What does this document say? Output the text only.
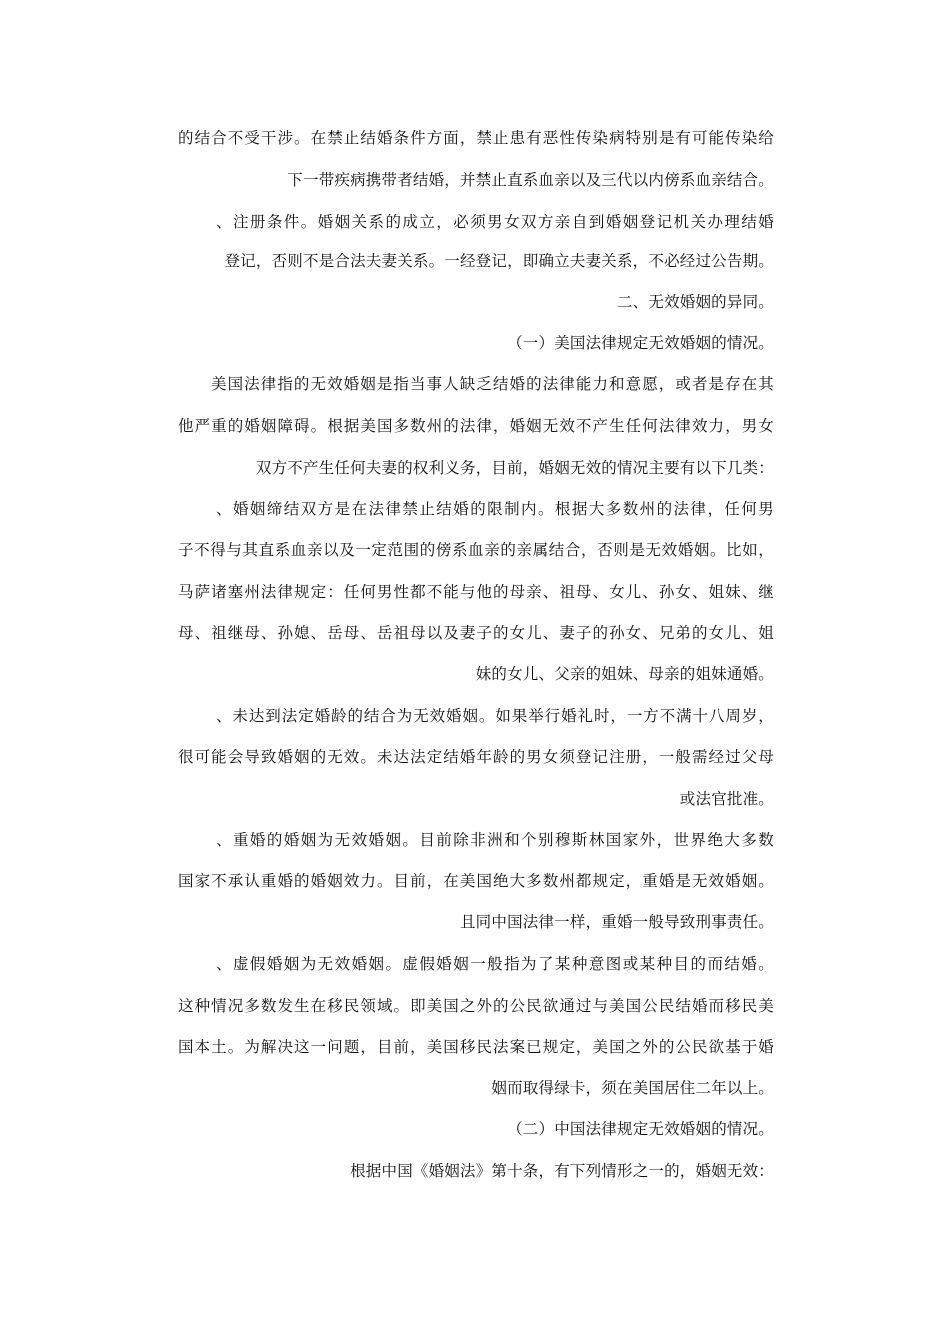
的结合不受干涉。在禁止结婚条件方面，禁止患有恶性传染病特别是有可能传染给
下一带疾病携带者结婚，并禁止直系血亲以及三代以内傍系血亲结合。
、注册条件。婚姻关系的成立，必须男女双方亲自到婚姻登记机关办理结婚
登记，否则不是合法夫妻关系。一经登记，即确立夫妻关系，不必经过公告期。
二、无效婚姻的异同。
（一）美国法律规定无效婚姻的情况。
美国法律指的无效婚姻是指当事人缺乏结婚的法律能力和意愿，或者是存在其
他严重的婚姻障碍。根据美国多数州的法律，婚姻无效不产生任何法律效力，男女
双方不产生任何夫妻的权利义务，目前，婚姻无效的情况主要有以下几类：
、婚姻缔结双方是在法律禁止结婚的限制内。根据大多数州的法律，任何男
子不得与其直系血亲以及一定范围的傍系血亲的亲属结合，否则是无效婚姻。比如，
马萨诸塞州法律规定：任何男性都不能与他的母亲、祖母、女儿、孙女、姐妹、继
母、祖继母、孙媳、岳母、岳祖母以及妻子的女儿、妻子的孙女、兄弟的女儿、姐
妹的女儿、父亲的姐妹、母亲的姐妹通婚。
、未达到法定婚龄的结合为无效婚姻。如果举行婚礼时，一方不满十八周岁，
很可能会导致婚姻的无效。未达法定结婚年龄的男女须登记注册，一般需经过父母
或法官批准。
、重婚的婚姻为无效婚姻。目前除非洲和个别穆斯林国家外，世界绝大多数
国家不承认重婚的婚姻效力。目前，在美国绝大多数州都规定，重婚是无效婚姻。
且同中国法律一样，重婚一般导致刑事责任。
、虚假婚姻为无效婚姻。虚假婚姻一般指为了某种意图或某种目的而结婚。
这种情况多数发生在移民领域。即美国之外的公民欲通过与美国公民结婚而移民美
国本土。为解决这一问题，目前，美国移民法案已规定，美国之外的公民欲基于婚
姻而取得绿卡，须在美国居住二年以上。
（二）中国法律规定无效婚姻的情况。
根据中国《婚姻法》第十条，有下列情形之一的，婚姻无效：
